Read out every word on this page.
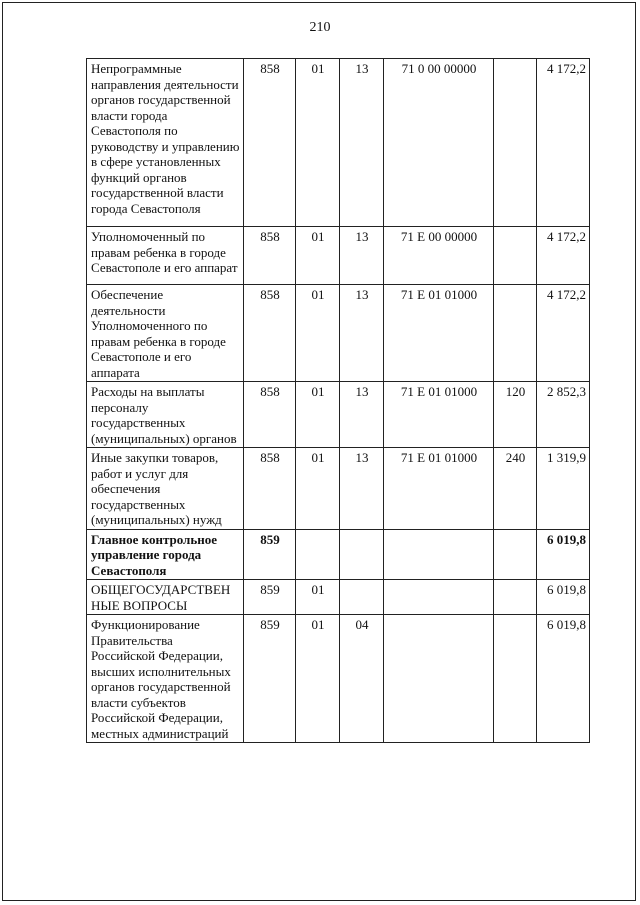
210
Непрограммные направления деятельности органов государственной власти города Севастополя по руководству и управлению в сфере установленных функций органов государственной власти города Севастополя	858	01	13	71 0 00 00000		4 172,2
Уполномоченный по правам ребенка в городе Севастополе и его аппарат	858	01	13	71 Е 00 00000		4 172,2
Обеспечение деятельности Уполномоченного по правам ребенка в городе Севастополе и его аппарата	858	01	13	71 Е 01 01000		4 172,2
Расходы на выплаты персоналу государственных (муниципальных) органов	858	01	13	71 Е 01 01000	120	2 852,3
Иные закупки товаров, работ и услуг для обеспечения государственных (муниципальных) нужд	858	01	13	71 Е 01 01000	240	1 319,9
Главное контрольное управление города Севастополя	859					6 019,8
ОБЩЕГОСУДАРСТВЕН НЫЕ ВОПРОСЫ	859	01				6 019,8
Функционирование Правительства Российской Федерации, высших исполнительных органов государственной власти субъектов Российской Федерации, местных администраций	859	01	04			6 019,8
